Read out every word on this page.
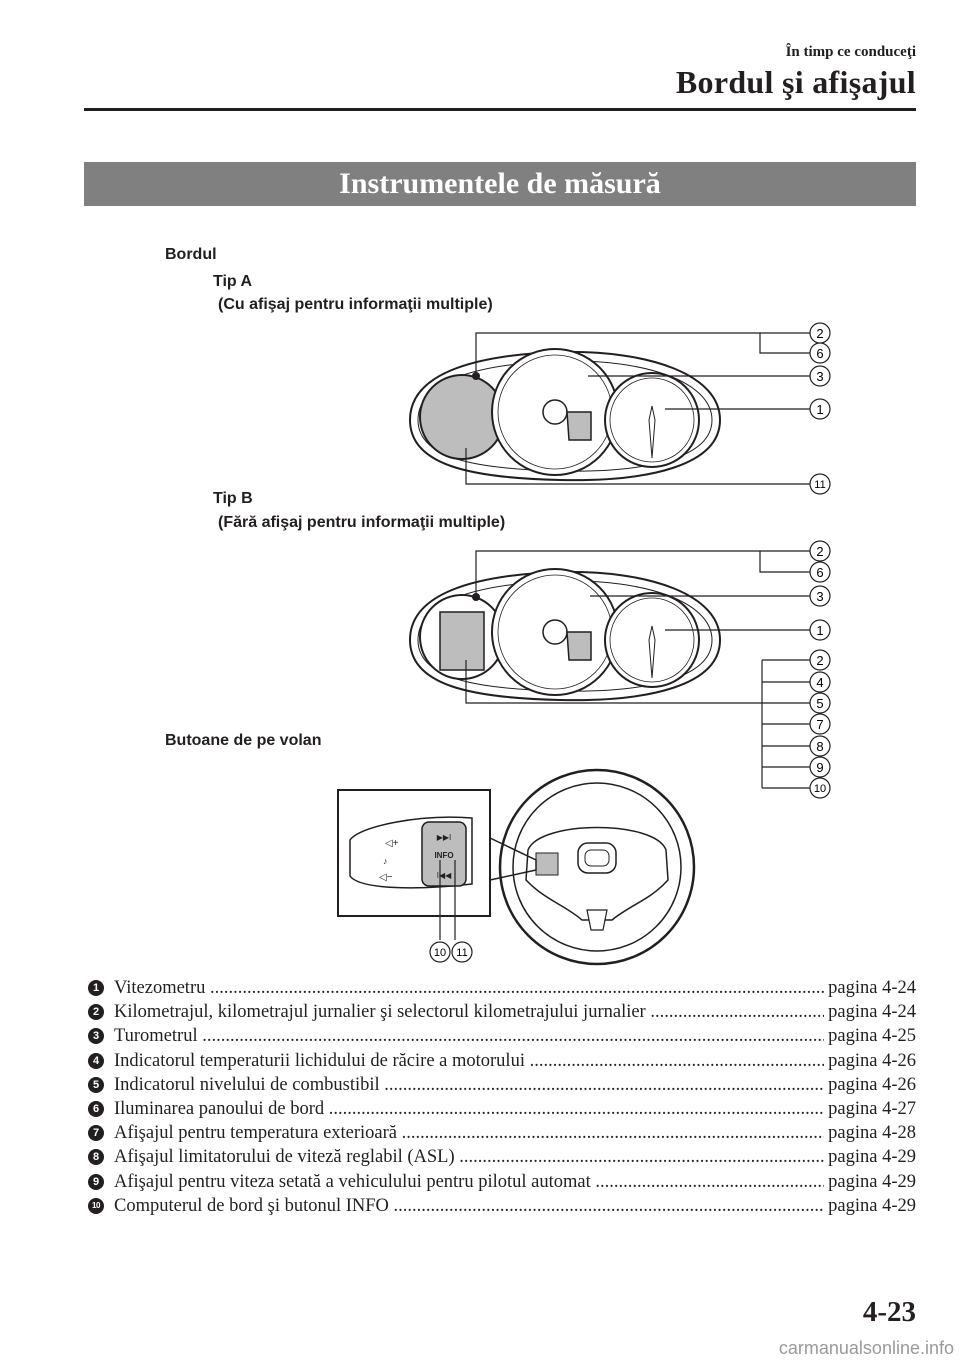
În timp ce conduceţi
Bordul şi afişajul
Instrumentele de măsură
Bordul
Tip A
(Cu afişaj pentru informaţii multiple)
Tip B
(Fără afişaj pentru informaţii multiple)
Butoane de pe volan
▶▶I
INFO
I◀◀
◁+
♪
◁−
2
6
3
1
11
2
6
3
1
2
4
5
7
8
9
10
10 11
1 Vitezometru .....	pagina 4-24
2 Kilometrajul, kilometrajul jurnalier şi selectorul kilometrajului jurnalier .....	pagina 4-24
3 Turometrul .....	pagina 4-25
4 Indicatorul temperaturii lichidului de răcire a motorului .....	pagina 4-26
5 Indicatorul nivelului de combustibil .....	pagina 4-26
6 Iluminarea panoului de bord .....	pagina 4-27
7 Afişajul pentru temperatura exterioară .....	pagina 4-28
8 Afişajul limitatorului de viteză reglabil (ASL) .....	pagina 4-29
9 Afişajul pentru viteza setată a vehiculului pentru pilotul automat .....	pagina 4-29
10 Computerul de bord şi butonul INFO .....	pagina 4-29
4-23
carmanualsonline.info
